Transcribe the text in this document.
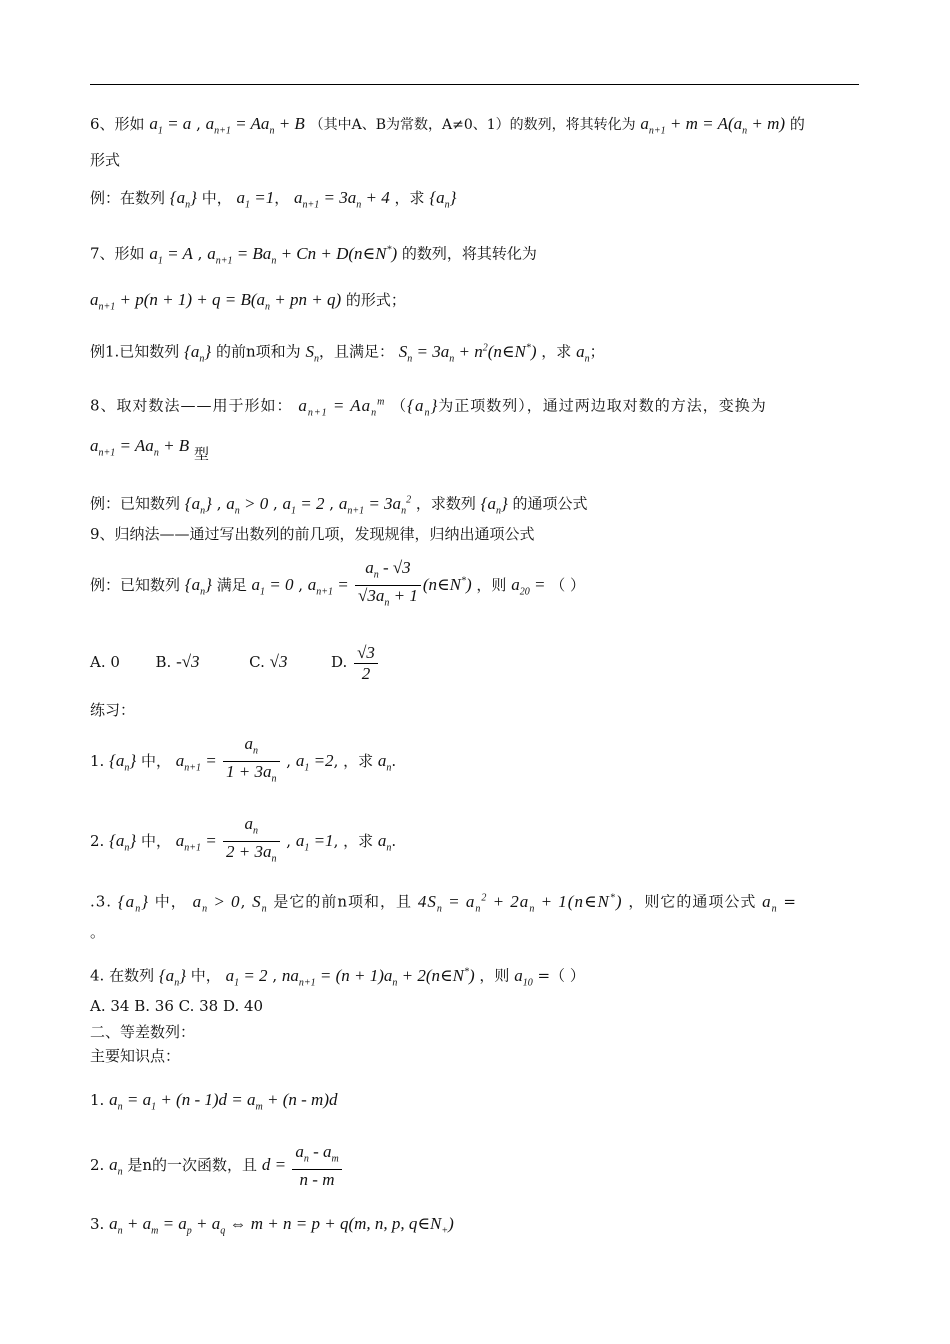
6、形如 $a_1 = a$ , $a_{n+1} = Aa_n + B$ （其中A、B为常数，A≠0、1）的数列，将其转化为 $a_{n+1} + m = A(a_n + m)$ 的
形式
例：在数列 $\{a_n\}$ 中， $a_1 =1$， $a_{n+1} = 3a_n + 4$ ，求 $\{a_n\}$
7、形如 $a_1 = A$ , $a_{n+1} = Ba_n + Cn$ + D(n∈N*) 的数列，将其转化为
$a_{n+1} + p(n + 1) + q = B(a_n$ + pn + q) 的形式；
例1.已知数列 $\{a_n\}$ 的前n项和为 $S_n$，且满足： $S_n = 3a_n$ + $n^2(n\in N^*)$ ，求 $a_n$；
8、取对数法——用于形如： $a_{n+1} = Aa_n^m$ （$\{a_n\}$为正项数列），通过两边取对数的方法，变换为
$a_{n+1} = Aa_n + B$ 型
例：已知数列 $\{a_n\}$ , $a_n > 0$ , $a_1 = 2$ , $a_{n+1} = 3a_n^2$ ，求数列 $\{a_n\}$ 的通项公式
9、归纳法——通过写出数列的前几项，发现规律，归纳出通项公式
例：已知数列 $\{a_n\}$ 满足 $a_1 = 0$ , $a_{n+1} = \frac{a_n - √3}{√3a_n + 1}$ (n∈N*) ，则 $a_{20}$ = （ ）
A. 0 B. -√3	C. √3	D. $\frac{√3}{2}$
练习：
1. $\{a_n\}$ 中， $a_{n+1} = \frac{a_n}{1 + 3a_n}$ , $a_1 =2$, ，求 $a_n$.
2. $\{a_n\}$ 中， $a_{n+1} = \frac{a_n}{2 + 3a_n}$ , $a_1 =1$, ，求 $a_n$.
.3. $\{a_n\}$ 中， $a_n > 0$, $S_n$ 是它的前n项和，且 $4S_n = a_n^2 + 2a_n$ + 1(n∈N*) ，则它的通项公式 $a_n$ =
。
4. 在数列 $\{a_n\}$ 中， $a_1 = 2$ , $na_{n+1} = (n + 1)a_n$ + 2(n∈N*) ，则 $a_{10}$ =（ ）
A. 34 B. 36 C. 38 D. 40
二、等差数列：
主要知识点：
1. $a_n = a_1 + (n - 1)d = a_m + (n - m)d$
2. $a_n$ 是n的一次函数，且 $d = \frac{a_n - a_m}{n - m}$
3. $a_n + a_m = a_p + a_q$ ⇔ m + n = p + q(m, n, p, $q\in N_+$)
